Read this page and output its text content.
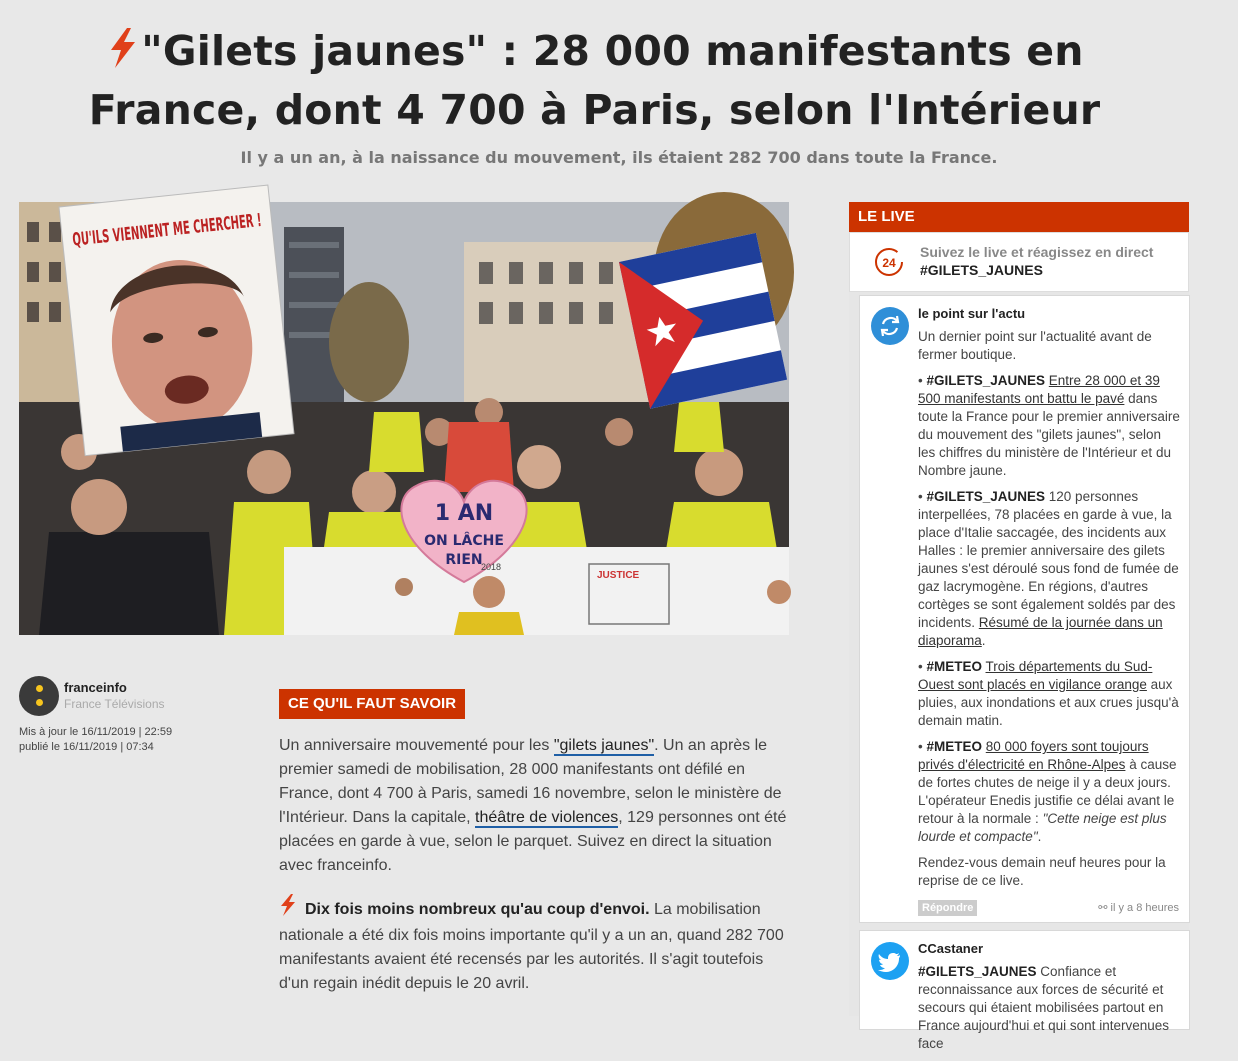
"Gilets jaunes" : 28 000 manifestants en
France, dont 4 700 à Paris, selon l'Intérieur

Il y a un an, à la naissance du mouvement, ils étaient 282 700 dans toute la France.

JUSTICE
1 AN
ON LÂCHE
RIEN
2018
QU'ILS VIENNENT ME CHERCHER !
franceinfo
France Télévisions
Mis à jour le 16/11/2019 | 22:59
publié le 16/11/2019 | 07:34
CE QU'IL FAUT SAVOIR

Un anniversaire mouvementé pour les "gilets jaunes". Un an après le premier samedi de mobilisation, 28 000 manifestants ont défilé en France, dont 4 700 à Paris, samedi 16 novembre, selon le ministère de l'Intérieur. Dans la capitale, théâtre de violences, 129 personnes ont été placées en garde à vue, selon le parquet. Suivez en direct la situation avec franceinfo.

Dix fois moins nombreux qu'au coup d'envoi. La mobilisation nationale a été dix fois moins importante qu'il y a un an, quand 282 700 manifestants avaient été recensés par les autorités. Il s'agit toutefois d'un regain inédit depuis le 20 avril.

LE LIVE
24
Suivez le live et réagissez en direct
#GILETS_JAUNES
le point sur l'actu

Un dernier point sur l'actualité avant de fermer boutique.

• #GILETS_JAUNES Entre 28 000 et 39 500 manifestants ont battu le pavé dans toute la France pour le premier anniversaire du mouvement des "gilets jaunes", selon les chiffres du ministère de l'Intérieur et du Nombre jaune.

• #GILETS_JAUNES 120 personnes interpellées, 78 placées en garde à vue, la place d'Italie saccagée, des incidents aux Halles : le premier anniversaire des gilets jaunes s'est déroulé sous fond de fumée de gaz lacrymogène. En régions, d'autres cortèges se sont également soldés par des incidents. Résumé de la journée dans un diaporama.

• #METEO Trois départements du Sud-Ouest sont placés en vigilance orange aux pluies, aux inondations et aux crues jusqu'à demain matin.

• #METEO 80 000 foyers sont toujours privés d'électricité en Rhône-Alpes à cause de fortes chutes de neige il y a deux jours. L'opérateur Enedis justifie ce délai avant le retour à la normale : "Cette neige est plus lourde et compacte".

Rendez-vous demain neuf heures pour la reprise de ce live.

Répondre	⚯ il y a 8 heures
CCastaner

#GILETS_JAUNES Confiance et reconnaissance aux forces de sécurité et secours qui étaient mobilisées partout en France aujourd'hui et qui sont intervenues face
